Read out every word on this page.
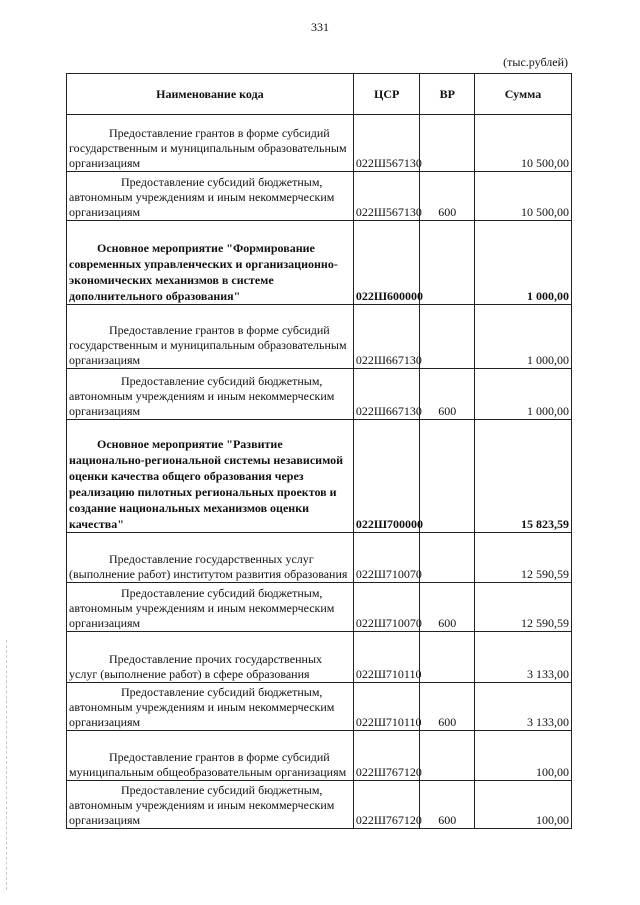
331
(тыс.рублей)
Наименование кода	ЦСР	ВР	Сумма
Предоставление грантов в форме субсидий государственным и муниципальным образовательным организациям	022Ш567130		10 500,00
Предоставление субсидий бюджетным, автономным учреждениям и иным некоммерческим организациям	022Ш567130	600	10 500,00
Основное мероприятие "Формирование современных управленческих и организационно-экономических механизмов в системе дополнительного образования"	022Ш600000		1 000,00
Предоставление грантов в форме субсидий государственным и муниципальным образовательным организациям	022Ш667130		1 000,00
Предоставление субсидий бюджетным, автономным учреждениям и иным некоммерческим организациям	022Ш667130	600	1 000,00
Основное мероприятие "Развитие национально-региональной системы независимой оценки качества общего образования через реализацию пилотных региональных проектов и создание национальных механизмов оценки качества"	022Ш700000		15 823,59
Предоставление государственных услуг (выполнение работ) институтом развития образования	022Ш710070		12 590,59
Предоставление субсидий бюджетным, автономным учреждениям и иным некоммерческим организациям	022Ш710070	600	12 590,59
Предоставление прочих государственных услуг (выполнение работ) в сфере образования	022Ш710110		3 133,00
Предоставление субсидий бюджетным, автономным учреждениям и иным некоммерческим организациям	022Ш710110	600	3 133,00
Предоставление грантов в форме субсидий муниципальным общеобразовательным организациям	022Ш767120		100,00
Предоставление субсидий бюджетным, автономным учреждениям и иным некоммерческим организациям	022Ш767120	600	100,00
